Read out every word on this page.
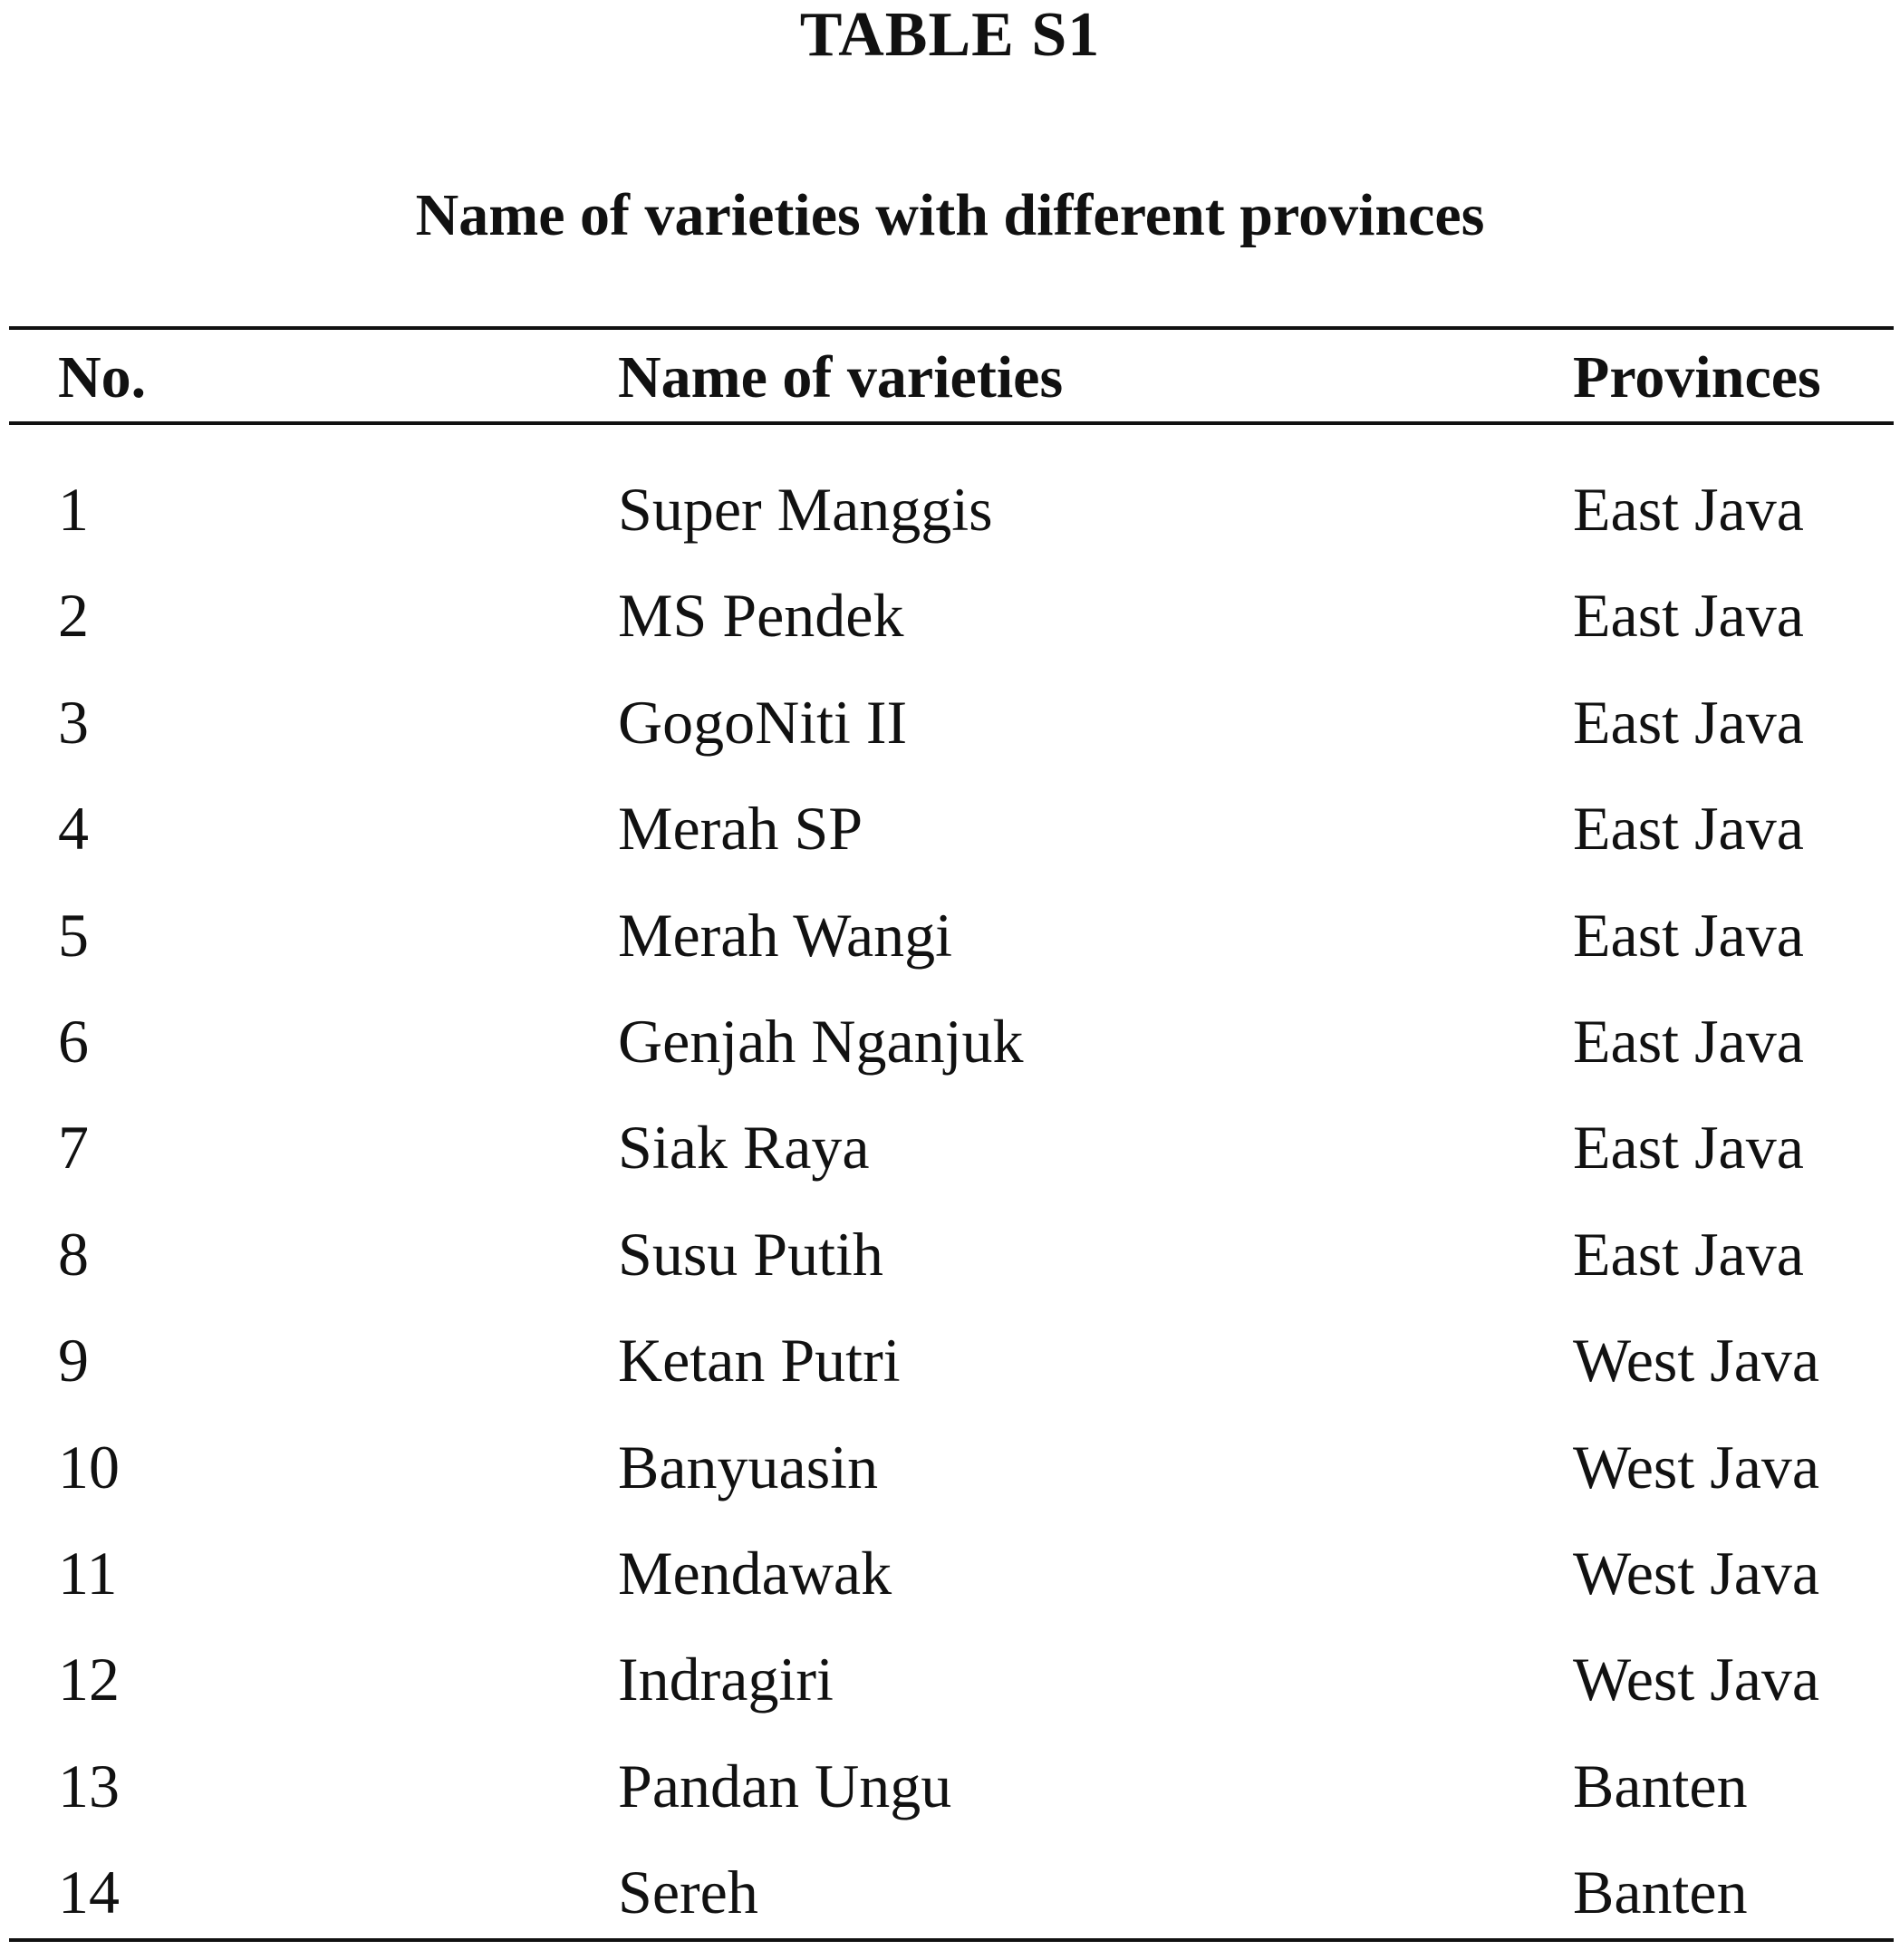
TABLE S1
Name of varieties with different provinces
No.	Name of varieties	Provinces
1	Super Manggis	East Java
2	MS Pendek	East Java
3	GogoNiti II	East Java
4	Merah SP	East Java
5	Merah Wangi	East Java
6	Genjah Nganjuk	East Java
7	Siak Raya	East Java
8	Susu Putih	East Java
9	Ketan Putri	West Java
10	Banyuasin	West Java
11	Mendawak	West Java
12	Indragiri	West Java
13	Pandan Ungu	Banten
14	Sereh	Banten
